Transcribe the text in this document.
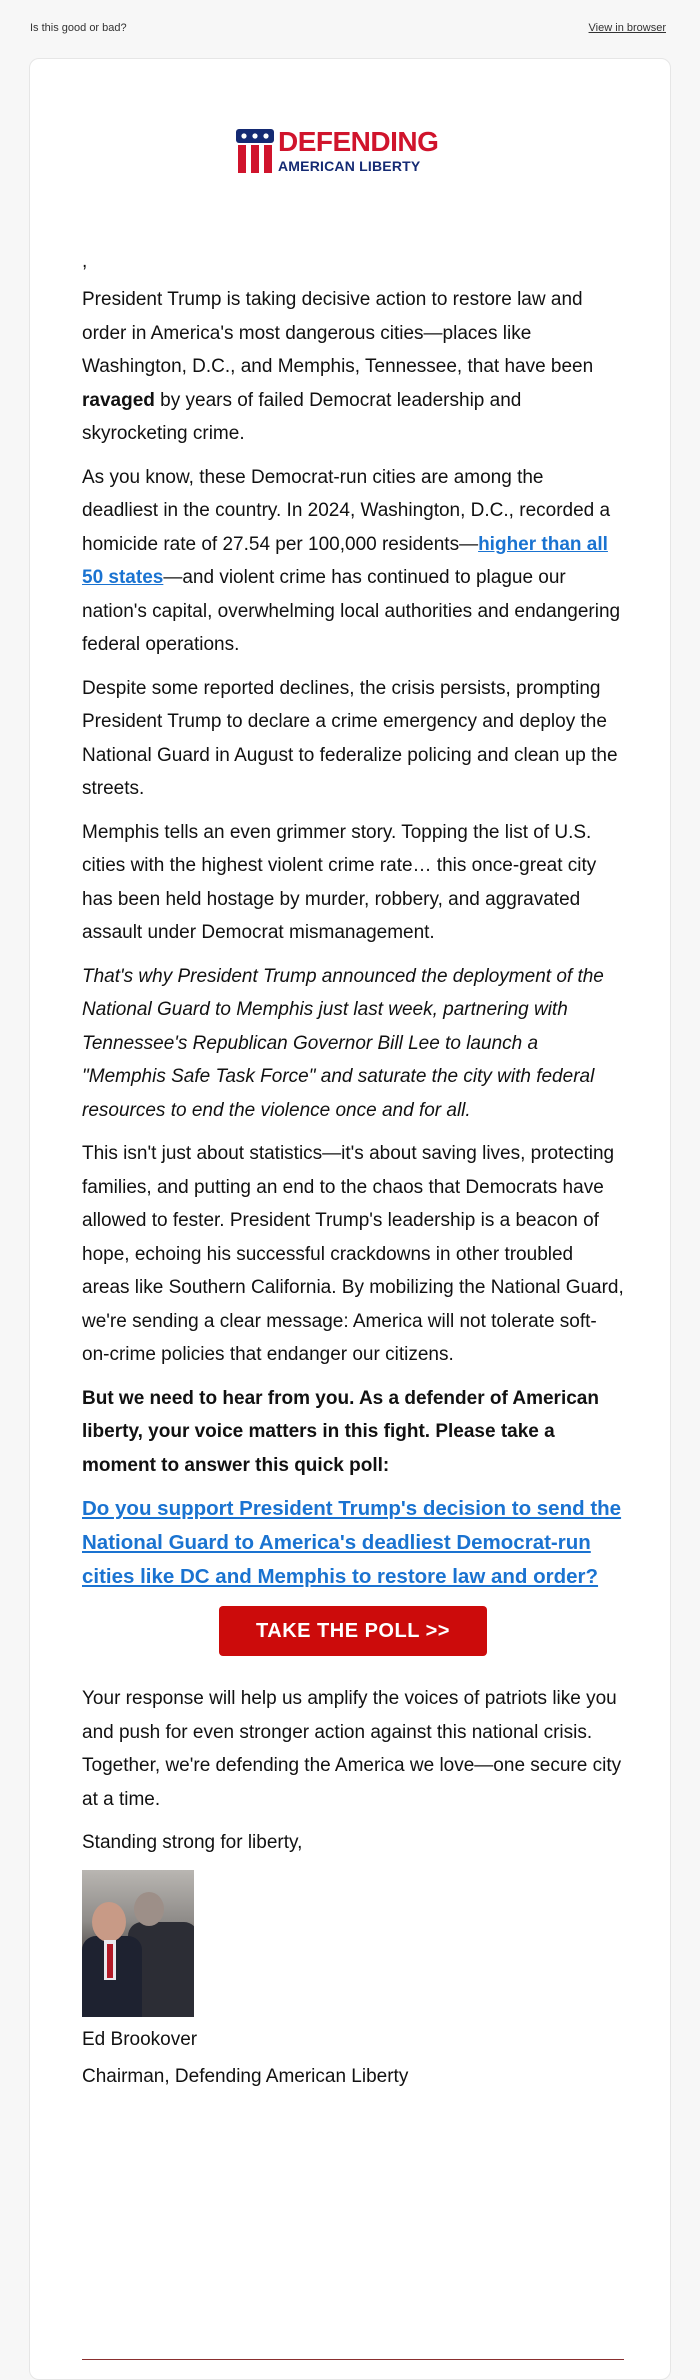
Is this good or bad?	View in browser
DEFENDING
AMERICAN LIBERTY

,

President Trump is taking decisive action to restore law and order in America's most dangerous cities—places like Washington, D.C., and Memphis, Tennessee, that have been ravaged by years of failed Democrat leadership and skyrocketing crime.

As you know, these Democrat-run cities are among the deadliest in the country. In 2024, Washington, D.C., recorded a homicide rate of 27.54 per 100,000 residents—higher than all 50 states—and violent crime has continued to plague our nation's capital, overwhelming local authorities and endangering federal operations.

Despite some reported declines, the crisis persists, prompting President Trump to declare a crime emergency and deploy the National Guard in August to federalize policing and clean up the streets.

Memphis tells an even grimmer story. Topping the list of U.S. cities with the highest violent crime rate… this once-great city has been held hostage by murder, robbery, and aggravated assault under Democrat mismanagement.

That's why President Trump announced the deployment of the National Guard to Memphis just last week, partnering with Tennessee's Republican Governor Bill Lee to launch a "Memphis Safe Task Force" and saturate the city with federal resources to end the violence once and for all.

This isn't just about statistics—it's about saving lives, protecting families, and putting an end to the chaos that Democrats have allowed to fester. President Trump's leadership is a beacon of hope, echoing his successful crackdowns in other troubled areas like Southern California. By mobilizing the National Guard, we're sending a clear message: America will not tolerate soft-on-crime policies that endanger our citizens.

But we need to hear from you. As a defender of American liberty, your voice matters in this fight. Please take a moment to answer this quick poll:

Do you support President Trump's decision to send the National Guard to America's deadliest Democrat-run cities like DC and Memphis to restore law and order?
TAKE THE POLL >>

Your response will help us amplify the voices of patriots like you and push for even stronger action against this national crisis. Together, we're defending the America we love—one secure city at a time.

Standing strong for liberty,

Ed Brookover

Chairman, Defending American Liberty
